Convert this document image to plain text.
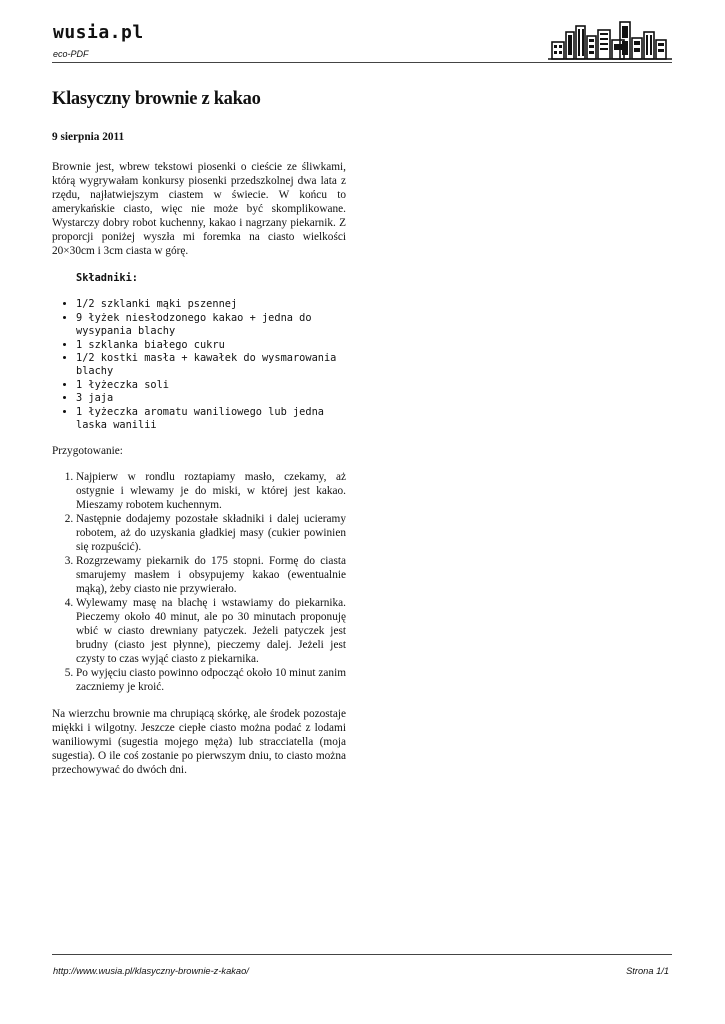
wusia.pl
eco-PDF
Klasyczny brownie z kakao

9 sierpnia 2011

Brownie jest, wbrew tekstowi piosenki o cieście ze śliwkami, którą wygrywałam konkursy piosenki przedszkolnej dwa lata z rzędu, najłatwiejszym ciastem w świecie. W końcu to amerykańskie ciasto, więc nie może być skomplikowane. Wystarczy dobry robot kuchenny, kakao i nagrzany piekarnik. Z proporcji poniżej wyszła mi foremka na ciasto wielkości 20×30cm i 3cm ciasta w górę.

Składniki:

• 1/2 szklanki mąki pszennej
• 9 łyżek niesłodzonego kakao + jedna do wysypania blachy
• 1 szklanka białego cukru
• 1/2 kostki masła + kawałek do wysmarowania blachy
• 1 łyżeczka soli
• 3 jaja
• 1 łyżeczka aromatu waniliowego lub jedna laska wanilii

Przygotowanie:

1. Najpierw w rondlu roztapiamy masło, czekamy, aż ostygnie i wlewamy je do miski, w której jest kakao. Mieszamy robotem kuchennym.
2. Następnie dodajemy pozostałe składniki i dalej ucieramy robotem, aż do uzyskania gładkiej masy (cukier powinien się rozpuścić).
3. Rozgrzewamy piekarnik do 175 stopni. Formę do ciasta smarujemy masłem i obsypujemy kakao (ewentualnie mąką), żeby ciasto nie przywierało.
4. Wylewamy masę na blachę i wstawiamy do piekarnika. Pieczemy około 40 minut, ale po 30 minutach proponuję wbić w ciasto drewniany patyczek. Jeżeli patyczek jest brudny (ciasto jest płynne), pieczemy dalej. Jeżeli jest czysty to czas wyjąć ciasto z piekarnika.
5. Po wyjęciu ciasto powinno odpocząć około 10 minut zanim zaczniemy je kroić.

Na wierzchu brownie ma chrupiącą skórkę, ale środek pozostaje miękki i wilgotny. Jeszcze ciepłe ciasto można podać z lodami waniliowymi (sugestia mojego męża) lub stracciatella (moja sugestia). O ile coś zostanie po pierwszym dniu, to ciasto można przechowywać do dwóch dni.

http://www.wusia.pl/klasyczny-brownie-z-kakao/	Strona 1/1
